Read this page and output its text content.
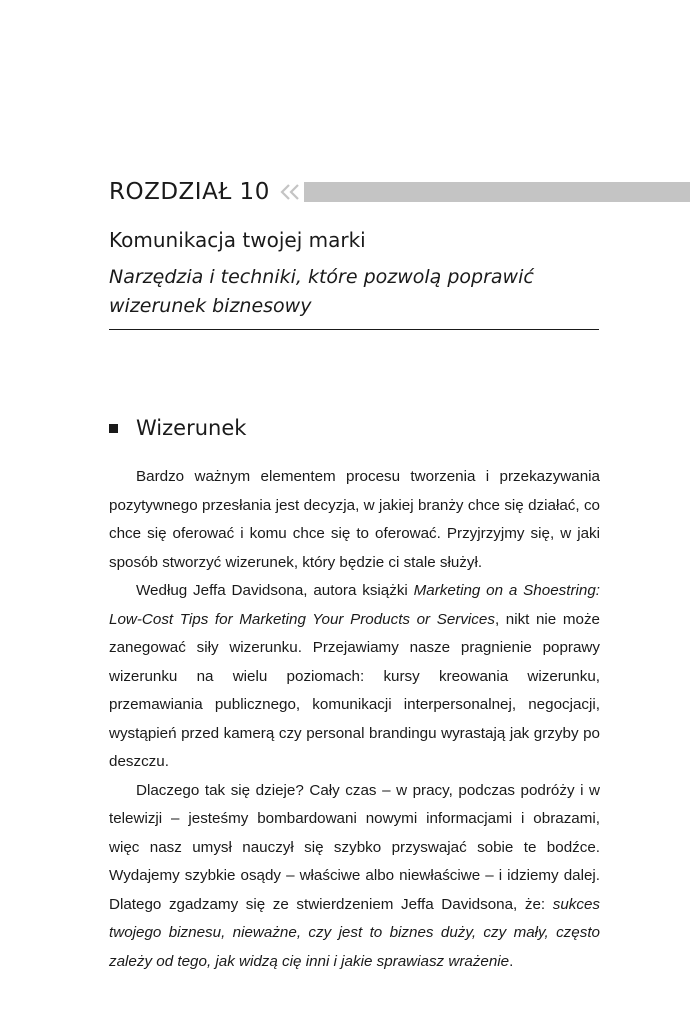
ROZDZIAŁ 10
Komunikacja twojej marki

Narzędzia i techniki, które pozwolą poprawić wizerunek biznesowy

Wizerunek

Bardzo ważnym elementem procesu tworzenia i przekazywania pozytywnego przesłania jest decyzja, w jakiej branży chce się działać, co chce się oferować i komu chce się to oferować. Przyjrzyjmy się, w jaki sposób stworzyć wizerunek, który będzie ci stale służył.

Według Jeffa Davidsona, autora książki Marketing on a Shoestring: Low-Cost Tips for Marketing Your Products or Services, nikt nie może zanegować siły wizerunku. Przejawiamy nasze pragnienie poprawy wizerunku na wielu poziomach: kursy kreowania wizerunku, przemawiania publicznego, komunikacji interpersonalnej, negocjacji, wystąpień przed kamerą czy personal brandingu wyrastają jak grzyby po deszczu.

Dlaczego tak się dzieje? Cały czas – w pracy, podczas podróży i w telewizji – jesteśmy bombardowani nowymi informacjami i obrazami, więc nasz umysł nauczył się szybko przyswajać sobie te bodźce. Wydajemy szybkie osądy – właściwe albo niewłaściwe – i idziemy dalej. Dlatego zgadzamy się ze stwierdzeniem Jeffa Davidsona, że: sukces twojego biznesu, nieważne, czy jest to biznes duży, czy mały, często zależy od tego, jak widzą cię inni i jakie sprawiasz wrażenie.
